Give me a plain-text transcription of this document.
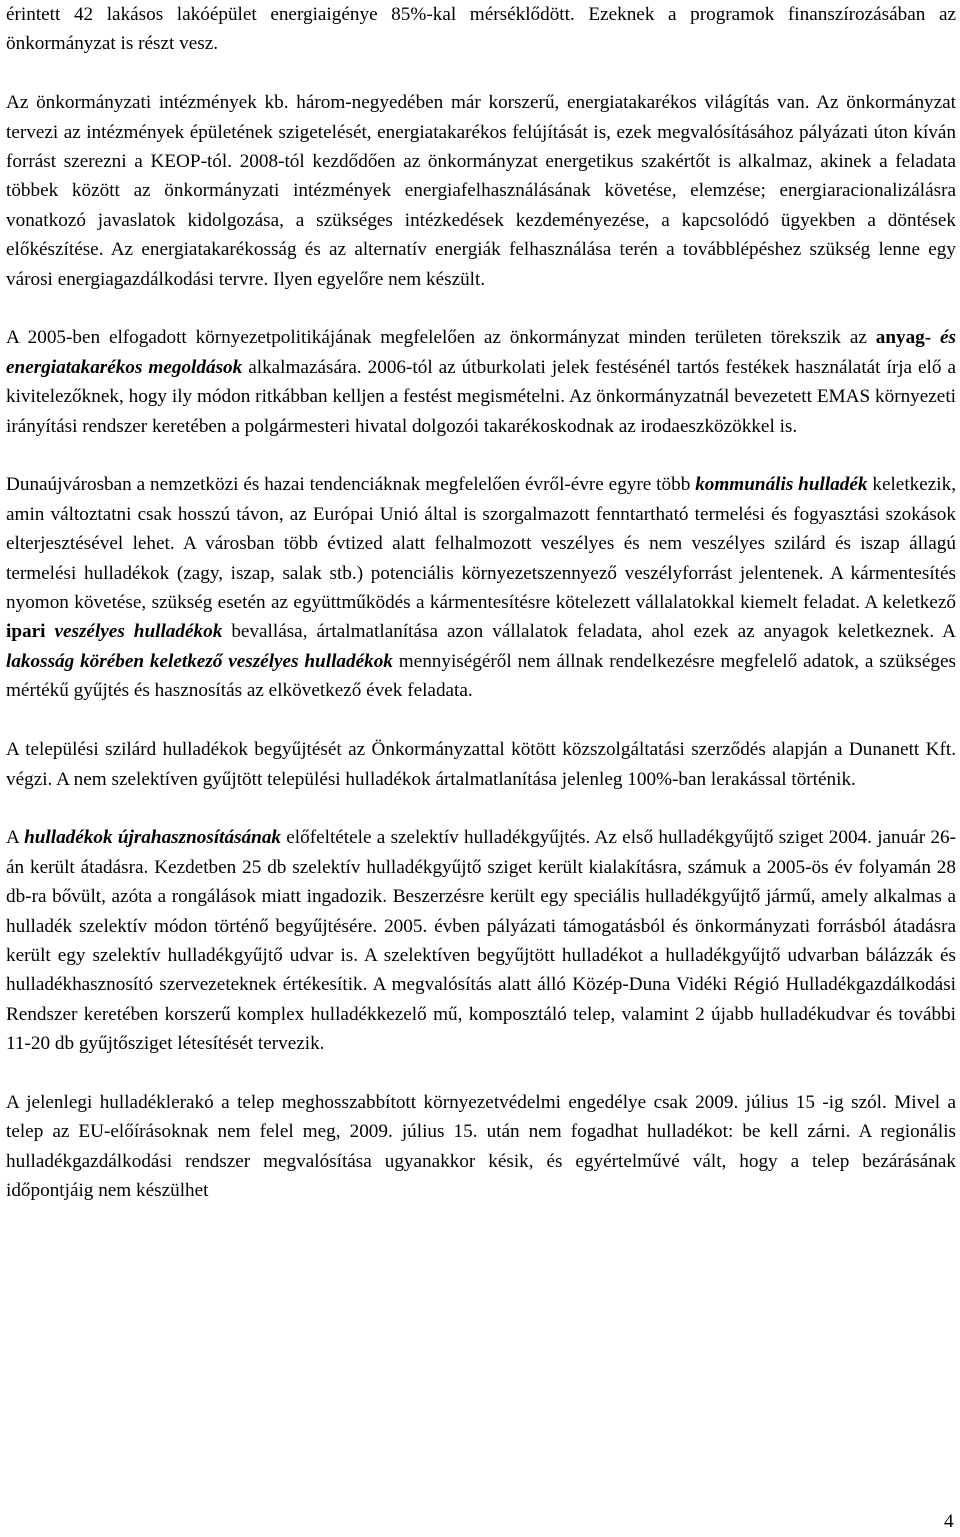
érintett 42 lakásos lakóépület energiaigénye 85%-kal mérséklődött. Ezeknek a programok finanszírozásában az önkormányzat is részt vesz.

Az önkormányzati intézmények kb. három-negyedében már korszerű, energiatakarékos világítás van. Az önkormányzat tervezi az intézmények épületének szigetelését, energiatakarékos felújítását is, ezek megvalósításához pályázati úton kíván forrást szerezni a KEOP-tól. 2008-tól kezdődően az önkormányzat energetikus szakértőt is alkalmaz, akinek a feladata többek között az önkormányzati intézmények energiafelhasználásának követése, elemzése; energiaracionalizálásra vonatkozó javaslatok kidolgozása, a szükséges intézkedések kezdeményezése, a kapcsolódó ügyekben a döntések előkészítése. Az energiatakarékosság és az alternatív energiák felhasználása terén a továbblépéshez szükség lenne egy városi energiagazdálkodási tervre. Ilyen egyelőre nem készült.

A 2005-ben elfogadott környezetpolitikájának megfelelően az önkormányzat minden területen törekszik az anyag- és energiatakarékos megoldások alkalmazására. 2006-tól az útburkolati jelek festésénél tartós festékek használatát írja elő a kivitelezőknek, hogy ily módon ritkábban kelljen a festést megismételni. Az önkormányzatnál bevezetett EMAS környezeti irányítási rendszer keretében a polgármesteri hivatal dolgozói takarékoskodnak az irodaeszközökkel is.

Dunaújvárosban a nemzetközi és hazai tendenciáknak megfelelően évről-évre egyre több kommunális hulladék keletkezik, amin változtatni csak hosszú távon, az Európai Unió által is szorgalmazott fenntartható termelési és fogyasztási szokások elterjesztésével lehet. A városban több évtized alatt felhalmozott veszélyes és nem veszélyes szilárd és iszap állagú termelési hulladékok (zagy, iszap, salak stb.) potenciális környezetszennyező veszélyforrást jelentenek. A kármentesítés nyomon követése, szükség esetén az együttműködés a kármentesítésre kötelezett vállalatokkal kiemelt feladat. A keletkező ipari veszélyes hulladékok bevallása, ártalmatlanítása azon vállalatok feladata, ahol ezek az anyagok keletkeznek. A lakosság körében keletkező veszélyes hulladékok mennyiségéről nem állnak rendelkezésre megfelelő adatok, a szükséges mértékű gyűjtés és hasznosítás az elkövetkező évek feladata.

A települési szilárd hulladékok begyűjtését az Önkormányzattal kötött közszolgáltatási szerződés alapján a Dunanett Kft. végzi. A nem szelektíven gyűjtött települési hulladékok ártalmatlanítása jelenleg 100%-ban lerakással történik.

A hulladékok újrahasznosításának előfeltétele a szelektív hulladékgyűjtés. Az első hulladékgyűjtő sziget 2004. január 26-án került átadásra. Kezdetben 25 db szelektív hulladékgyűjtő sziget került kialakításra, számuk a 2005-ös év folyamán 28 db-ra bővült, azóta a rongálások miatt ingadozik. Beszerzésre került egy speciális hulladékgyűjtő jármű, amely alkalmas a hulladék szelektív módon történő begyűjtésére. 2005. évben pályázati támogatásból és önkormányzati forrásból átadásra került egy szelektív hulladékgyűjtő udvar is. A szelektíven begyűjtött hulladékot a hulladékgyűjtő udvarban bálázzák és hulladékhasznosító szervezeteknek értékesítik. A megvalósítás alatt álló Közép-Duna Vidéki Régió Hulladékgazdálkodási Rendszer keretében korszerű komplex hulladékkezelő mű, komposztáló telep, valamint 2 újabb hulladékudvar és további 11-20 db gyűjtősziget létesítését tervezik.

A jelenlegi hulladéklerakó a telep meghosszabbított környezetvédelmi engedélye csak 2009. július 15 -ig szól. Mivel a telep az EU-előírásoknak nem felel meg, 2009. július 15. után nem fogadhat hulladékot: be kell zárni. A regionális hulladékgazdálkodási rendszer megvalósítása ugyanakkor késik, és egyértelművé vált, hogy a telep bezárásának időpontjáig nem készülhet

4
